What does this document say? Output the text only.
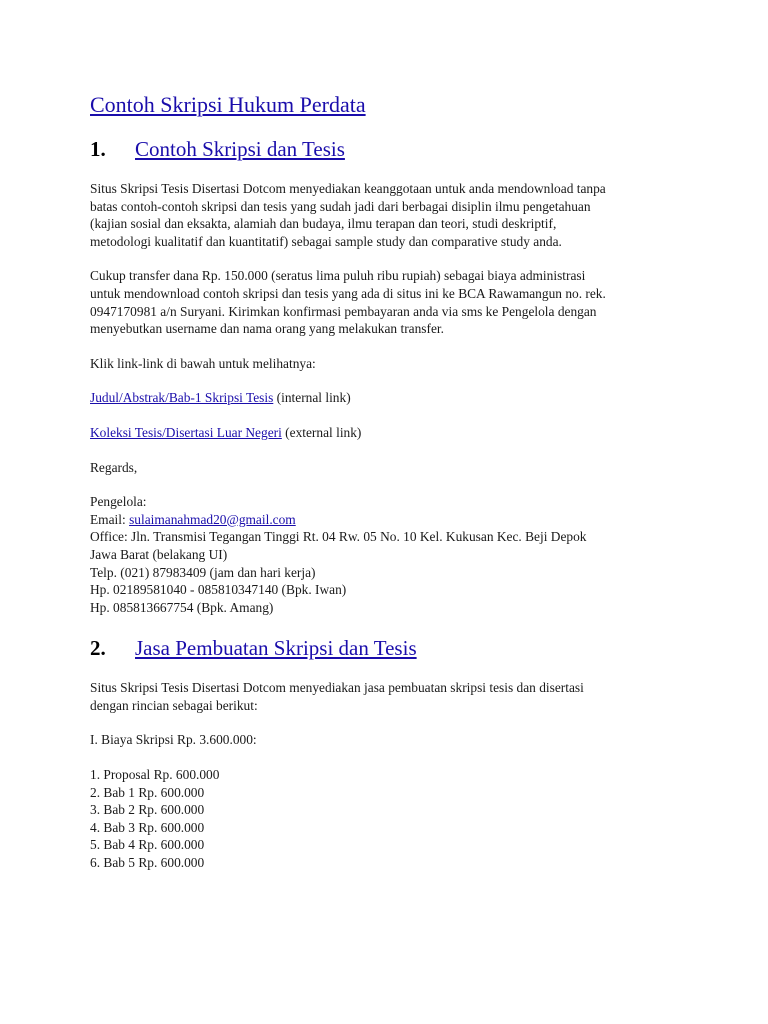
Contoh Skripsi Hukum Perdata
1.	Contoh Skripsi dan Tesis

Situs Skripsi Tesis Disertasi Dotcom menyediakan keanggotaan untuk anda mendownload tanpa
batas contoh-contoh skripsi dan tesis yang sudah jadi dari berbagai disiplin ilmu pengetahuan
(kajian sosial dan eksakta, alamiah dan budaya, ilmu terapan dan teori, studi deskriptif,
metodologi kualitatif dan kuantitatif) sebagai sample study dan comparative study anda.

Cukup transfer dana Rp. 150.000 (seratus lima puluh ribu rupiah) sebagai biaya administrasi
untuk mendownload contoh skripsi dan tesis yang ada di situs ini ke BCA Rawamangun no. rek.
0947170981 a/n Suryani. Kirimkan konfirmasi pembayaran anda via sms ke Pengelola dengan
menyebutkan username dan nama orang yang melakukan transfer.

Klik link-link di bawah untuk melihatnya:

Judul/Abstrak/Bab-1 Skripsi Tesis (internal link)

Koleksi Tesis/Disertasi Luar Negeri (external link)

Regards,

Pengelola:
Email: sulaimanahmad20@gmail.com
Office: Jln. Transmisi Tegangan Tinggi Rt. 04 Rw. 05 No. 10 Kel. Kukusan Kec. Beji Depok
Jawa Barat (belakang UI)
Telp. (021) 87983409 (jam dan hari kerja)
Hp. 02189581040 - 085810347140 (Bpk. Iwan)
Hp. 085813667754 (Bpk. Amang)

2.	Jasa Pembuatan Skripsi dan Tesis

Situs Skripsi Tesis Disertasi Dotcom menyediakan jasa pembuatan skripsi tesis dan disertasi
dengan rincian sebagai berikut:

I. Biaya Skripsi Rp. 3.600.000:

1. Proposal Rp. 600.000
2. Bab 1 Rp. 600.000
3. Bab 2 Rp. 600.000
4. Bab 3 Rp. 600.000
5. Bab 4 Rp. 600.000
6. Bab 5 Rp. 600.000
